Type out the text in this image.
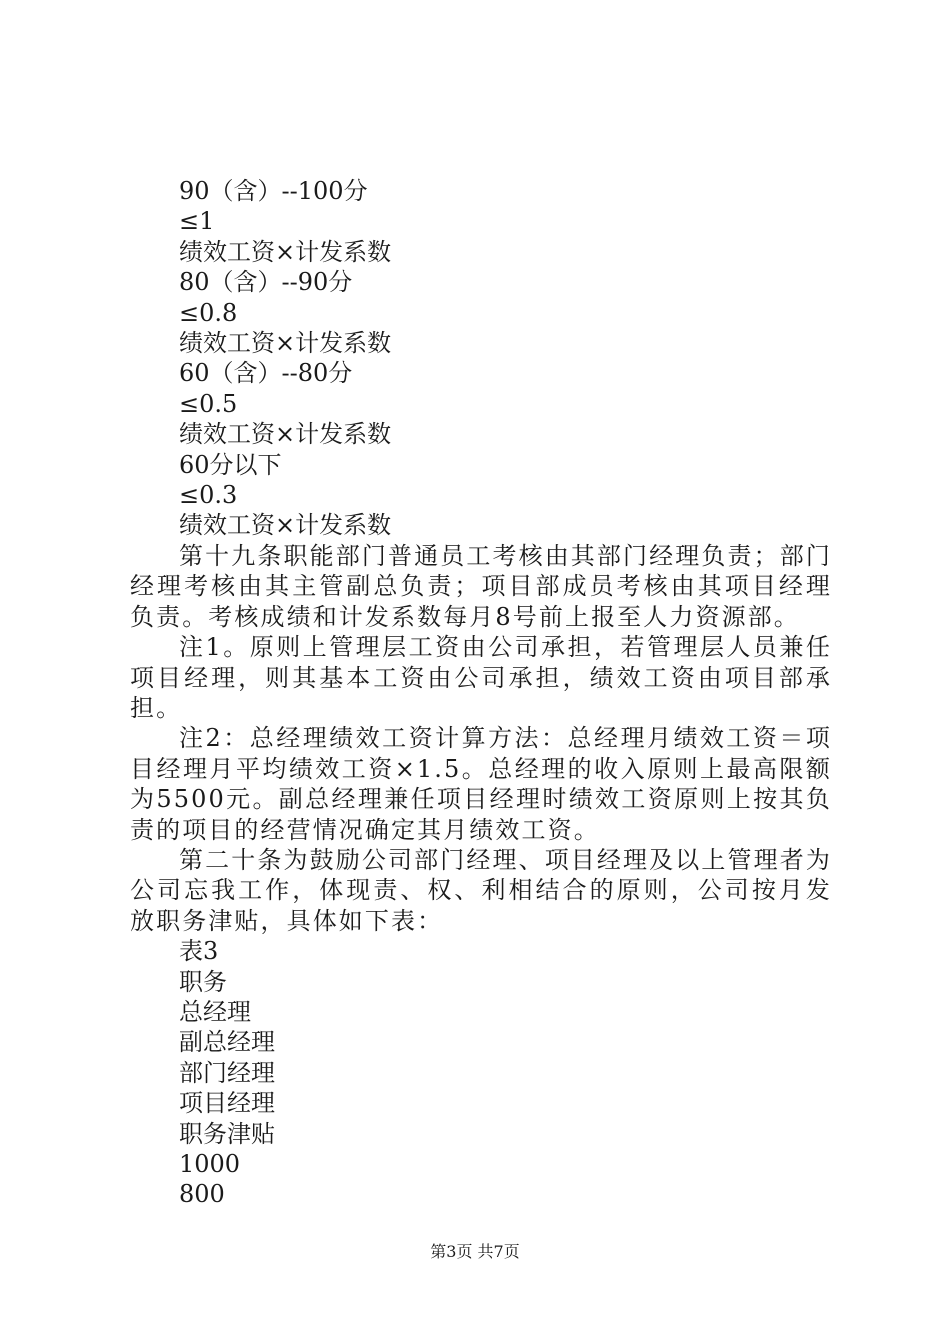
90（含）--100分
≤1
绩效工资×计发系数
80（含）--90分
≤0.8
绩效工资×计发系数
60（含）--80分
≤0.5
绩效工资×计发系数
60分以下
≤0.3
绩效工资×计发系数

第十九条职能部门普通员工考核由其部门经理负责；部门经理考核由其主管副总负责；项目部成员考核由其项目经理负责。考核成绩和计发系数每月8号前上报至人力资源部。

注1。原则上管理层工资由公司承担，若管理层人员兼任项目经理，则其基本工资由公司承担，绩效工资由项目部承担。

注2：总经理绩效工资计算方法：总经理月绩效工资＝项目经理月平均绩效工资×1.5。总经理的收入原则上最高限额为5500元。副总经理兼任项目经理时绩效工资原则上按其负责的项目的经营情况确定其月绩效工资。

第二十条为鼓励公司部门经理、项目经理及以上管理者为公司忘我工作，体现责、权、利相结合的原则，公司按月发放职务津贴，具体如下表：

表3
职务
总经理
副总经理
部门经理
项目经理
职务津贴
1000
800
第3页 共7页
